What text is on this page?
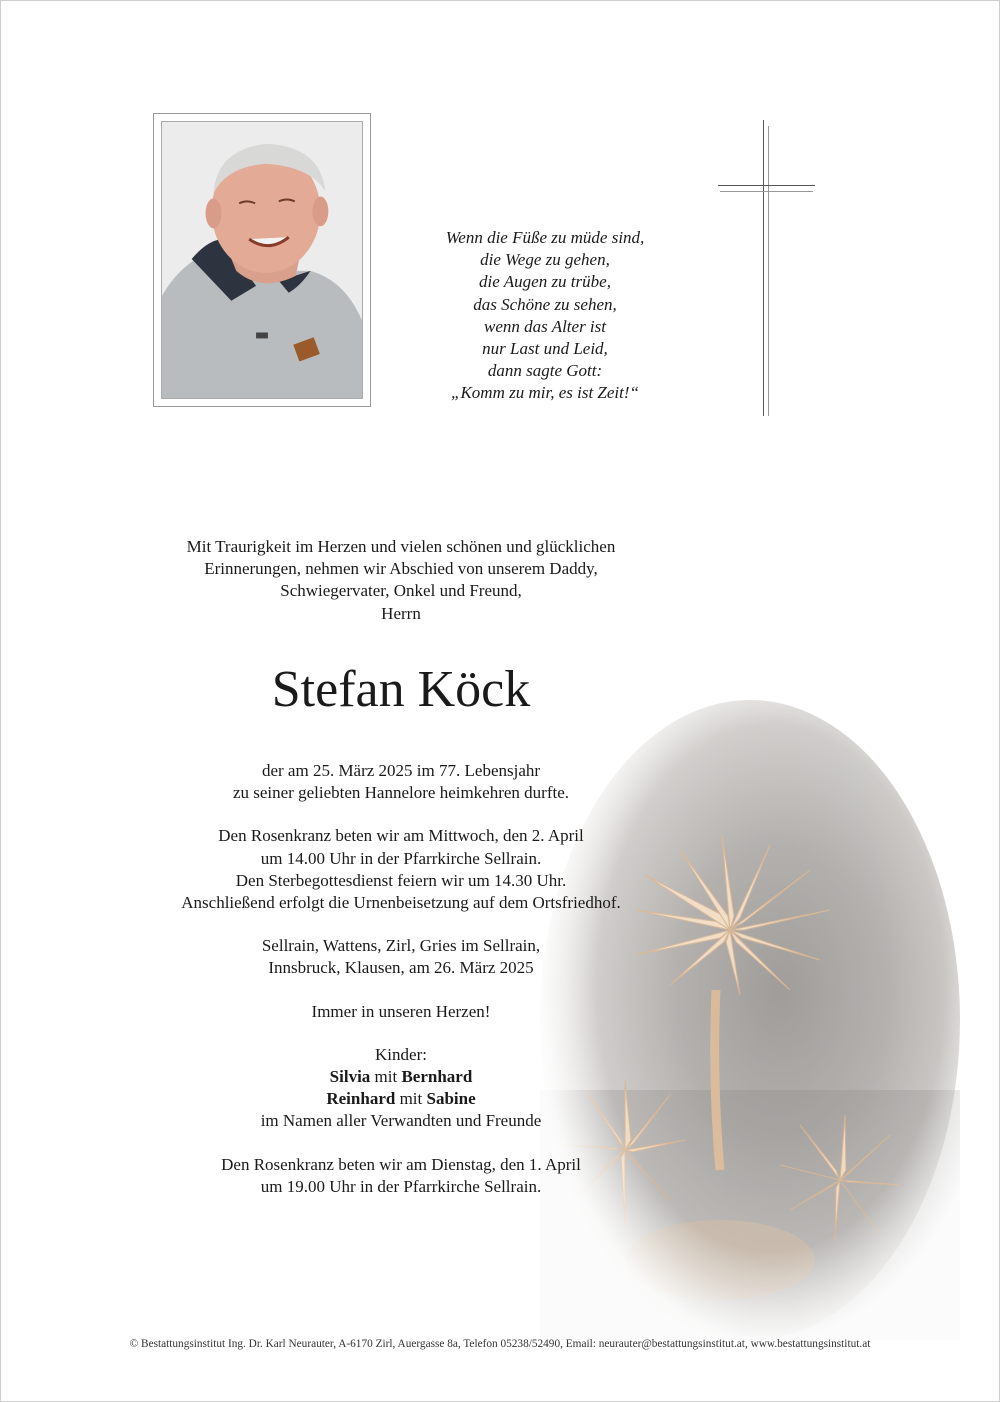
Wenn die Füße zu müde sind,
die Wege zu gehen,
die Augen zu trübe,
das Schöne zu sehen,
wenn das Alter ist
nur Last und Leid,
dann sagte Gott:
„Komm zu mir, es ist Zeit!“
Mit Traurigkeit im Herzen und vielen schönen und glücklichen
Erinnerungen, nehmen wir Abschied von unserem Daddy,
Schwiegervater, Onkel und Freund,
Herrn
Stefan Köck
der am 25. März 2025 im 77. Lebensjahr
zu seiner geliebten Hannelore heimkehren durfte.
Den Rosenkranz beten wir am Mittwoch, den 2. April
um 14.00 Uhr in der Pfarrkirche Sellrain.
Den Sterbegottesdienst feiern wir um 14.30 Uhr.
Anschließend erfolgt die Urnenbeisetzung auf dem Ortsfriedhof.
Sellrain, Wattens, Zirl, Gries im Sellrain,
Innsbruck, Klausen, am 26. März 2025
Immer in unseren Herzen!
Kinder:
Silvia mit Bernhard
Reinhard mit Sabine
im Namen aller Verwandten und Freunde
Den Rosenkranz beten wir am Dienstag, den 1. April
um 19.00 Uhr in der Pfarrkirche Sellrain.
© Bestattungsinstitut Ing. Dr. Karl Neurauter, A-6170 Zirl, Auergasse 8a, Telefon 05238/52490, Email: neurauter@bestattungsinstitut.at, www.bestattungsinstitut.at
